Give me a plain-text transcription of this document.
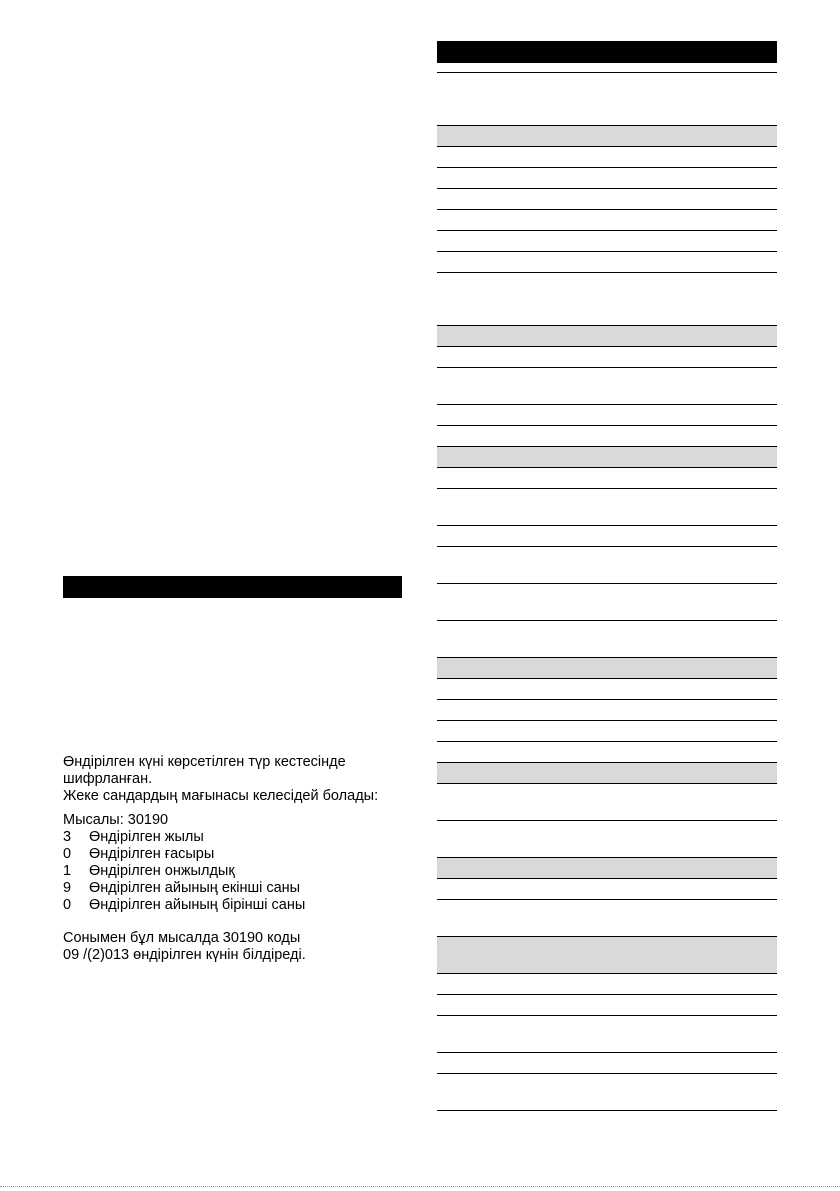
Өндірілген күні көрсетілген түр кестесінде шифрланған.

Жеке сандардың мағынасы келесідей болады:

Мысалы: 30190

3	Өндірілген жылы
0	Өндірілген ғасыры
1	Өндірілген онжылдық
9	Өндірілген айының екінші саны
0	Өндірілген айының бірінші саны

Сонымен бұл мысалда 30190 коды

09 /(2)013 өндірілген күнін білдіреді.
